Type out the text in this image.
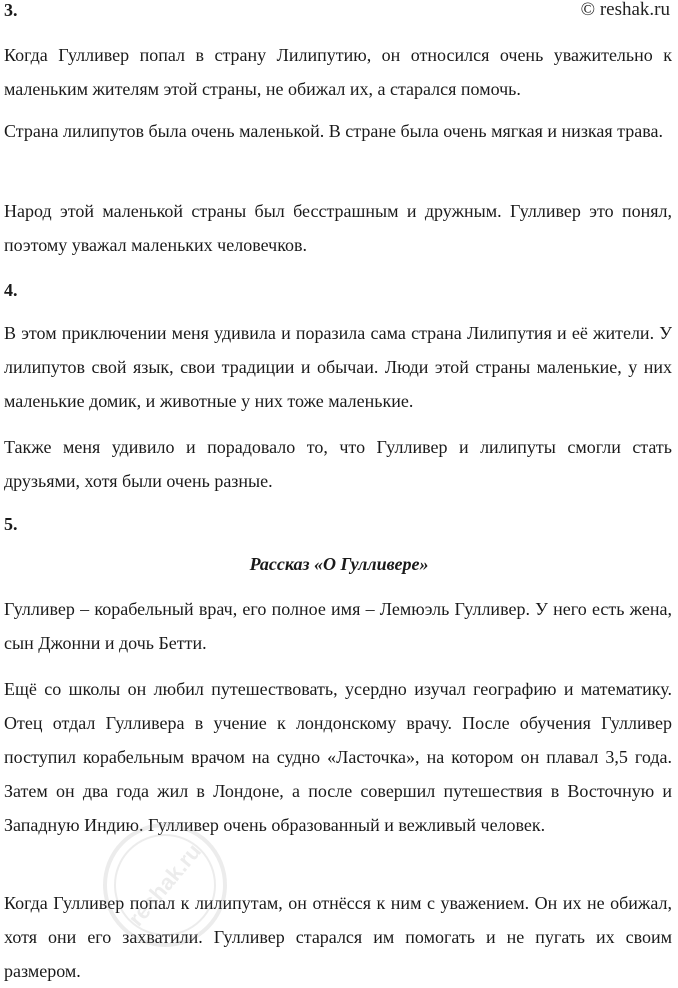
© reshak.ru
3.

Когда Гулливер попал в страну Лилипутию, он относился очень уважительно к маленьким жителям этой страны, не обижал их, а старался помочь.

Страна лилипутов была очень маленькой. В стране была очень мягкая и низкая трава.

Народ этой маленькой страны был бесстрашным и дружным. Гулливер это понял, поэтому уважал маленьких человечков.

4.

В этом приключении меня удивила и поразила сама страна Лилипутия и её жители. У лилипутов свой язык, свои традиции и обычаи. Люди этой страны маленькие, у них маленькие домик, и животные у них тоже маленькие.

Также меня удивило и порадовало то, что Гулливер и лилипуты смогли стать друзьями, хотя были очень разные.

5.
Рассказ «О Гулливере»

Гулливер – корабельный врач, его полное имя – Лемюэль Гулливер. У него есть жена, сын Джонни и дочь Бетти.

Ещё со школы он любил путешествовать, усердно изучал географию и математику. Отец отдал Гулливера в учение к лондонскому врачу. После обучения Гулливер поступил корабельным врачом на судно «Ласточка», на котором он плавал 3,5 года. Затем он два года жил в Лондоне, а после совершил путешествия в Восточную и Западную Индию. Гулливер очень образованный и вежливый человек.

Когда Гулливер попал к лилипутам, он отнёсся к ним с уважением. Он их не обижал, хотя они его захватили. Гулливер старался им помогать и не пугать их своим размером.

reshak.ru
